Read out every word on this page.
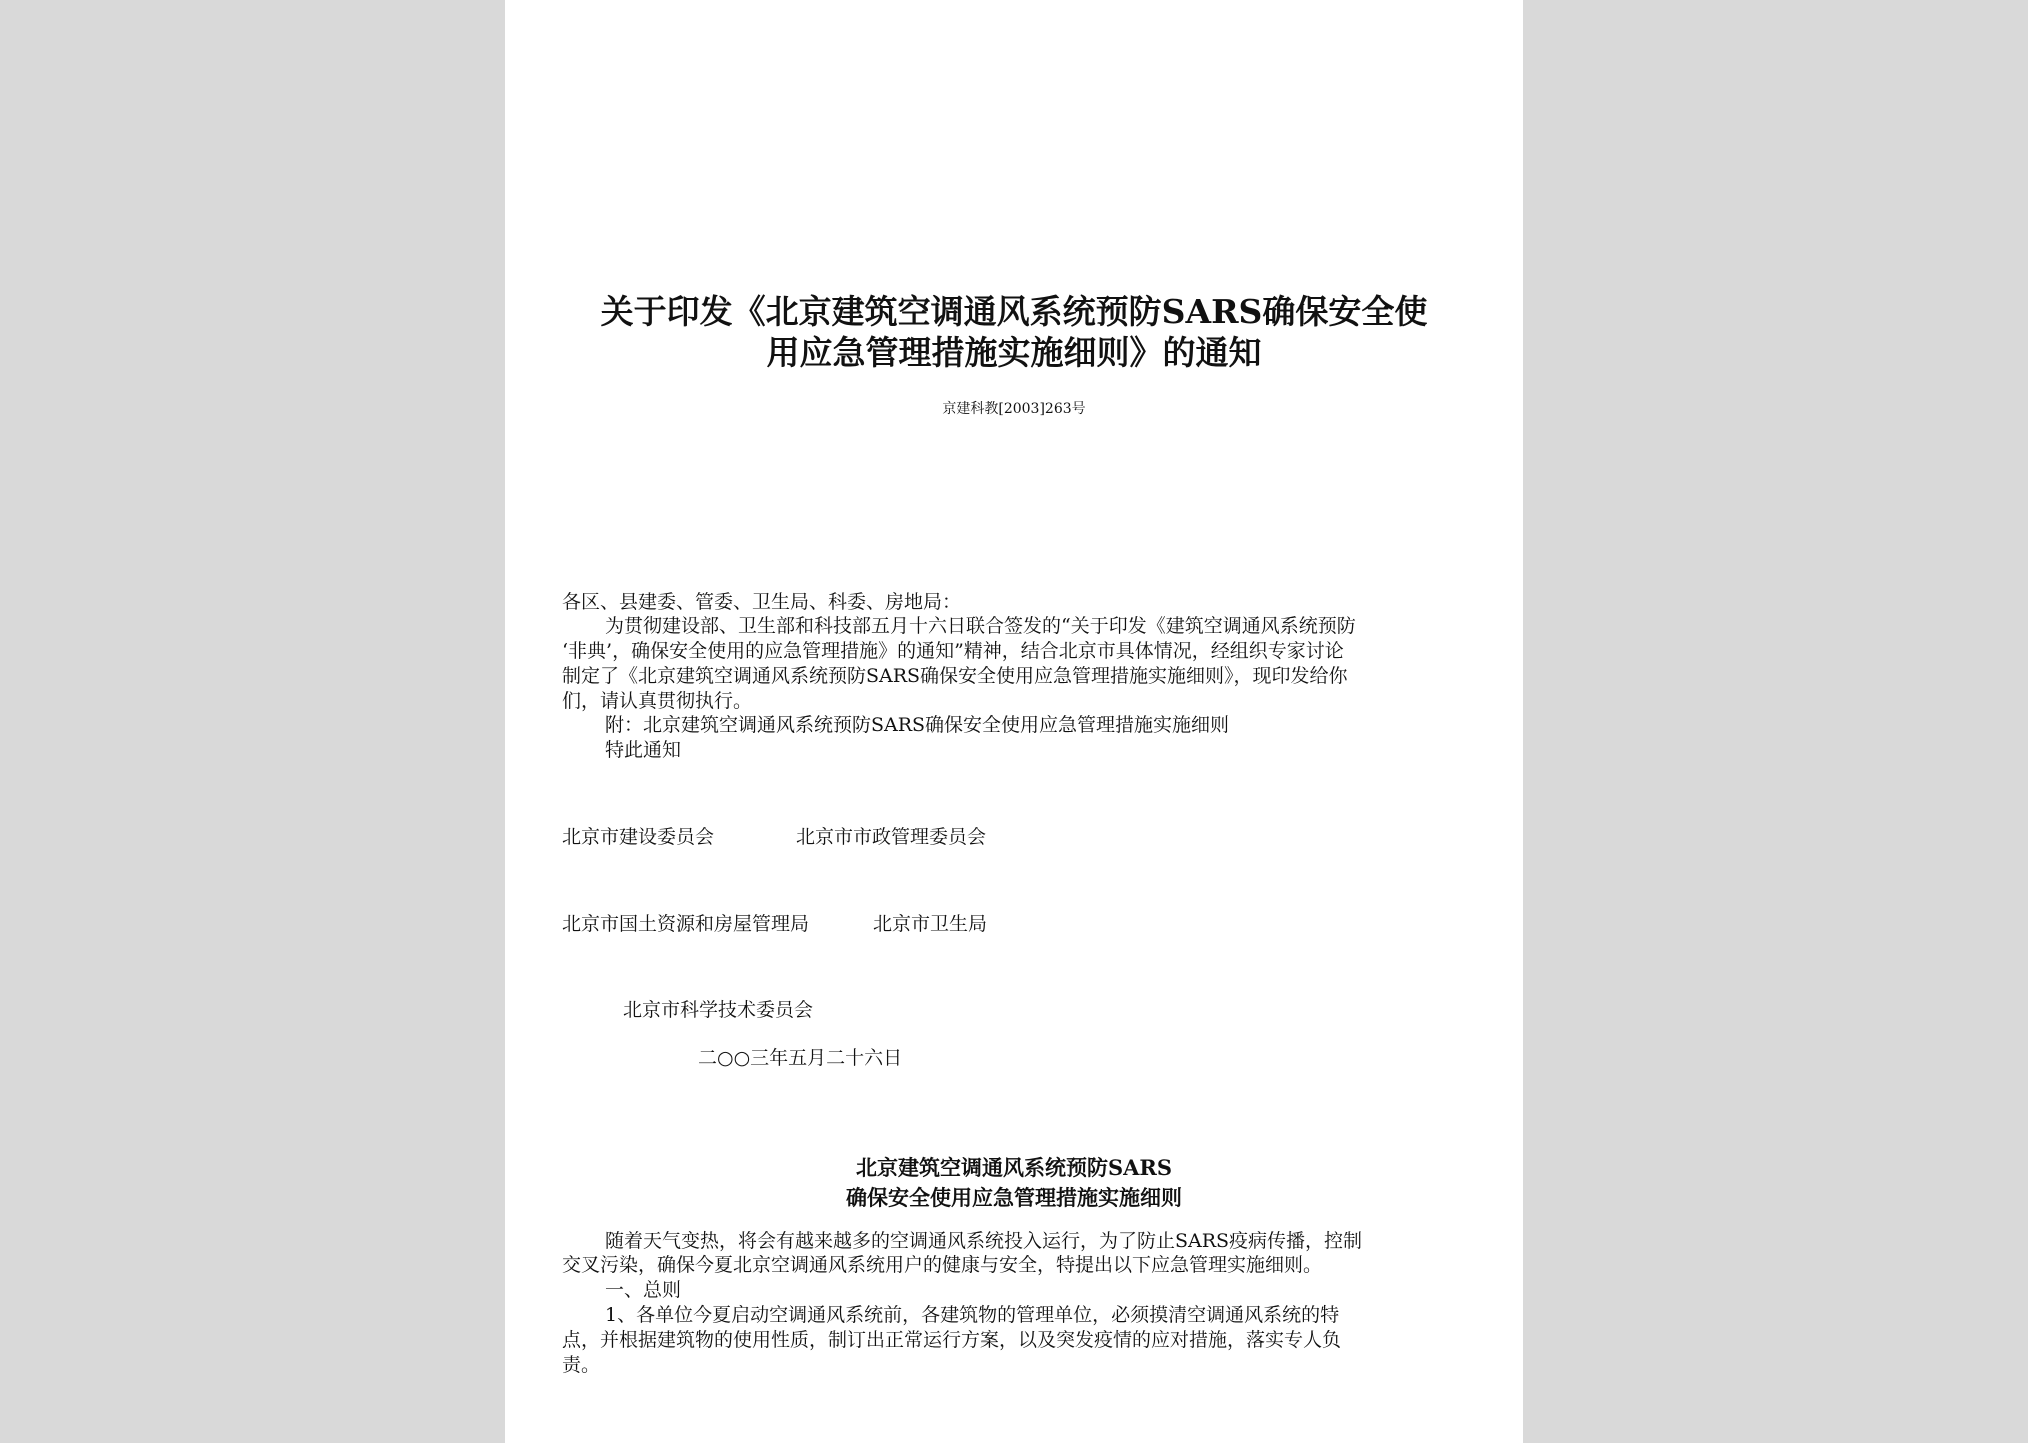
关于印发《北京建筑空调通风系统预防SARS确保安全使
用应急管理措施实施细则》的通知
京建科教[2003]263号
各区、县建委、管委、卫生局、科委、房地局：
为贯彻建设部、卫生部和科技部五月十六日联合签发的“关于印发《建筑空调通风系统预防
‘非典’，确保安全使用的应急管理措施》的通知”精神，结合北京市具体情况，经组织专家讨论
制定了《北京建筑空调通风系统预防SARS确保安全使用应急管理措施实施细则》，现印发给你
们，请认真贯彻执行。
附：北京建筑空调通风系统预防SARS确保安全使用应急管理措施实施细则
特此通知
北京市建设委员会	北京市市政管理委员会
北京市国土资源和房屋管理局	北京市卫生局
北京市科学技术委员会
二○○三年五月二十六日
北京建筑空调通风系统预防SARS
确保安全使用应急管理措施实施细则
随着天气变热，将会有越来越多的空调通风系统投入运行，为了防止SARS疫病传播，控制
交叉污染，确保今夏北京空调通风系统用户的健康与安全，特提出以下应急管理实施细则。
一、总则
1、各单位今夏启动空调通风系统前，各建筑物的管理单位，必须摸清空调通风系统的特
点，并根据建筑物的使用性质，制订出正常运行方案，以及突发疫情的应对措施，落实专人负
责。
